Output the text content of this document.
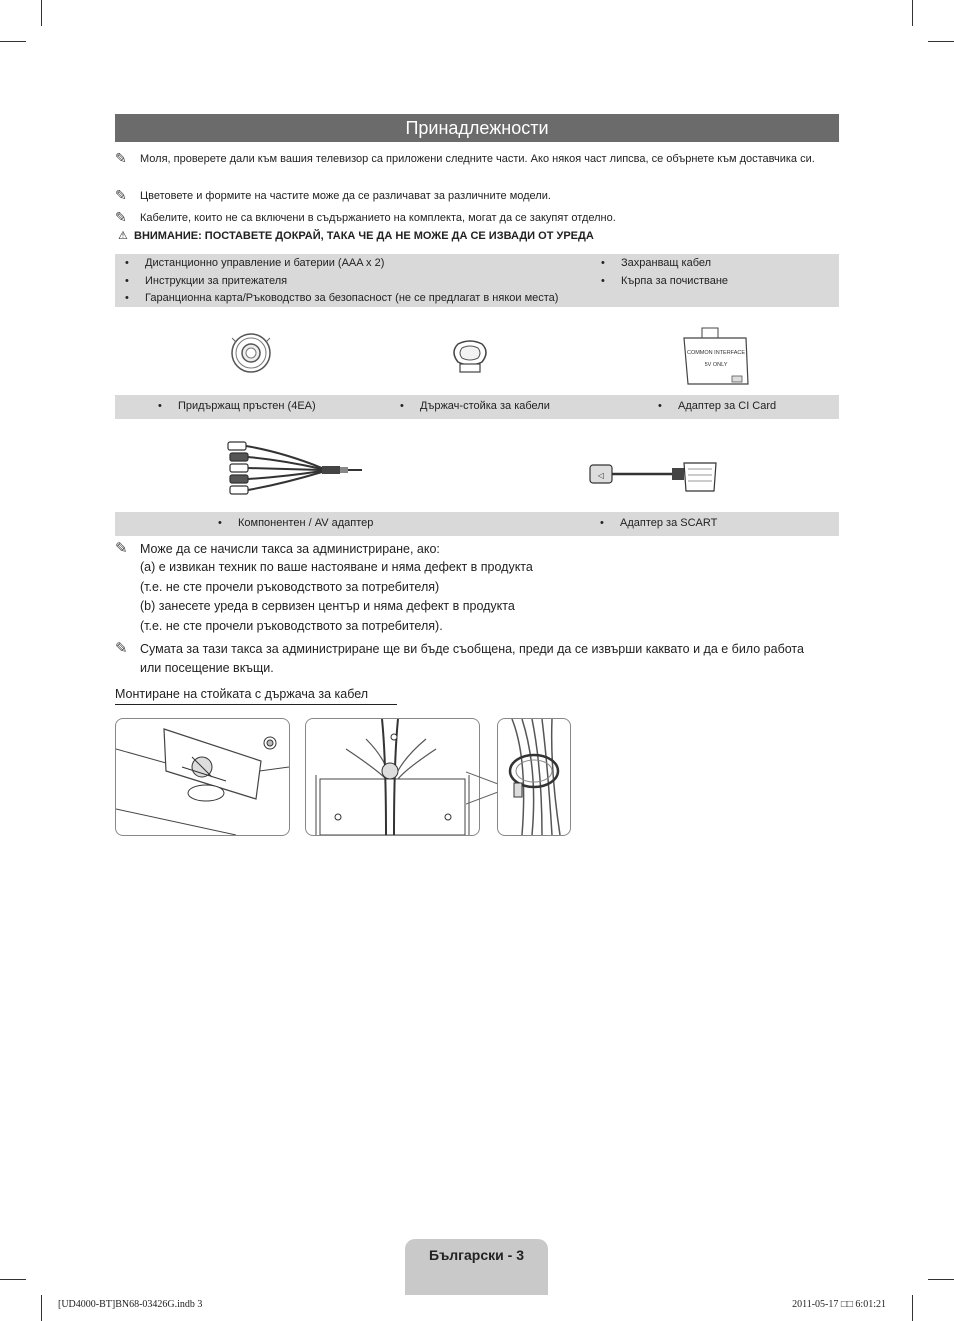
Принадлежности
✎	Моля, проверете дали към вашия телевизор са приложени следните части. Ако някоя част липсва, се обърнете към доставчика си.
✎	Цветовете и формите на частите може да се различават за различните модели.
✎	Кабелите, които не са включени в съдържанието на комплекта, могат да се закупят отделно.
⚠ ВНИМАНИЕ: ПОСТАВЕТЕ ДОКРАЙ, ТАКА ЧЕ ДА НЕ МОЖЕ ДА СЕ ИЗВАДИ ОТ УРЕДА
• Дистанционно управление и батерии (AAA x 2)
• Инструкции за притежателя
• Гаранционна карта/Ръководство за безопасност (не се предлагат в някои места)
• Захранващ кабел
• Кърпа за почистване
COMMON INTERFACE
5V ONLY
• Придържащ пръстен (4EA)	• Държач-стойка за кабели	• Адаптер за CI Card
◁
• Компонентен / AV адаптер	• Адаптер за SCART
✎ Може да се начисли такса за администриране, ако:
(a) е извикан техник по ваше настояване и няма дефект в продукта
(т.е. не сте прочели ръководството за потребителя)
(b) занесете уреда в сервизен център и няма дефект в продукта
(т.е. не сте прочели ръководството за потребителя).
✎ Сумата за тази такса за администриране ще ви бъде съобщена, преди да се извърши каквато и да е било работа или посещение вкъщи.
Монтиране на стойката с държача за кабел
Български - 3
[UD4000-BT]BN68-03426G.indb 3	2011-05-17 □□ 6:01:21
